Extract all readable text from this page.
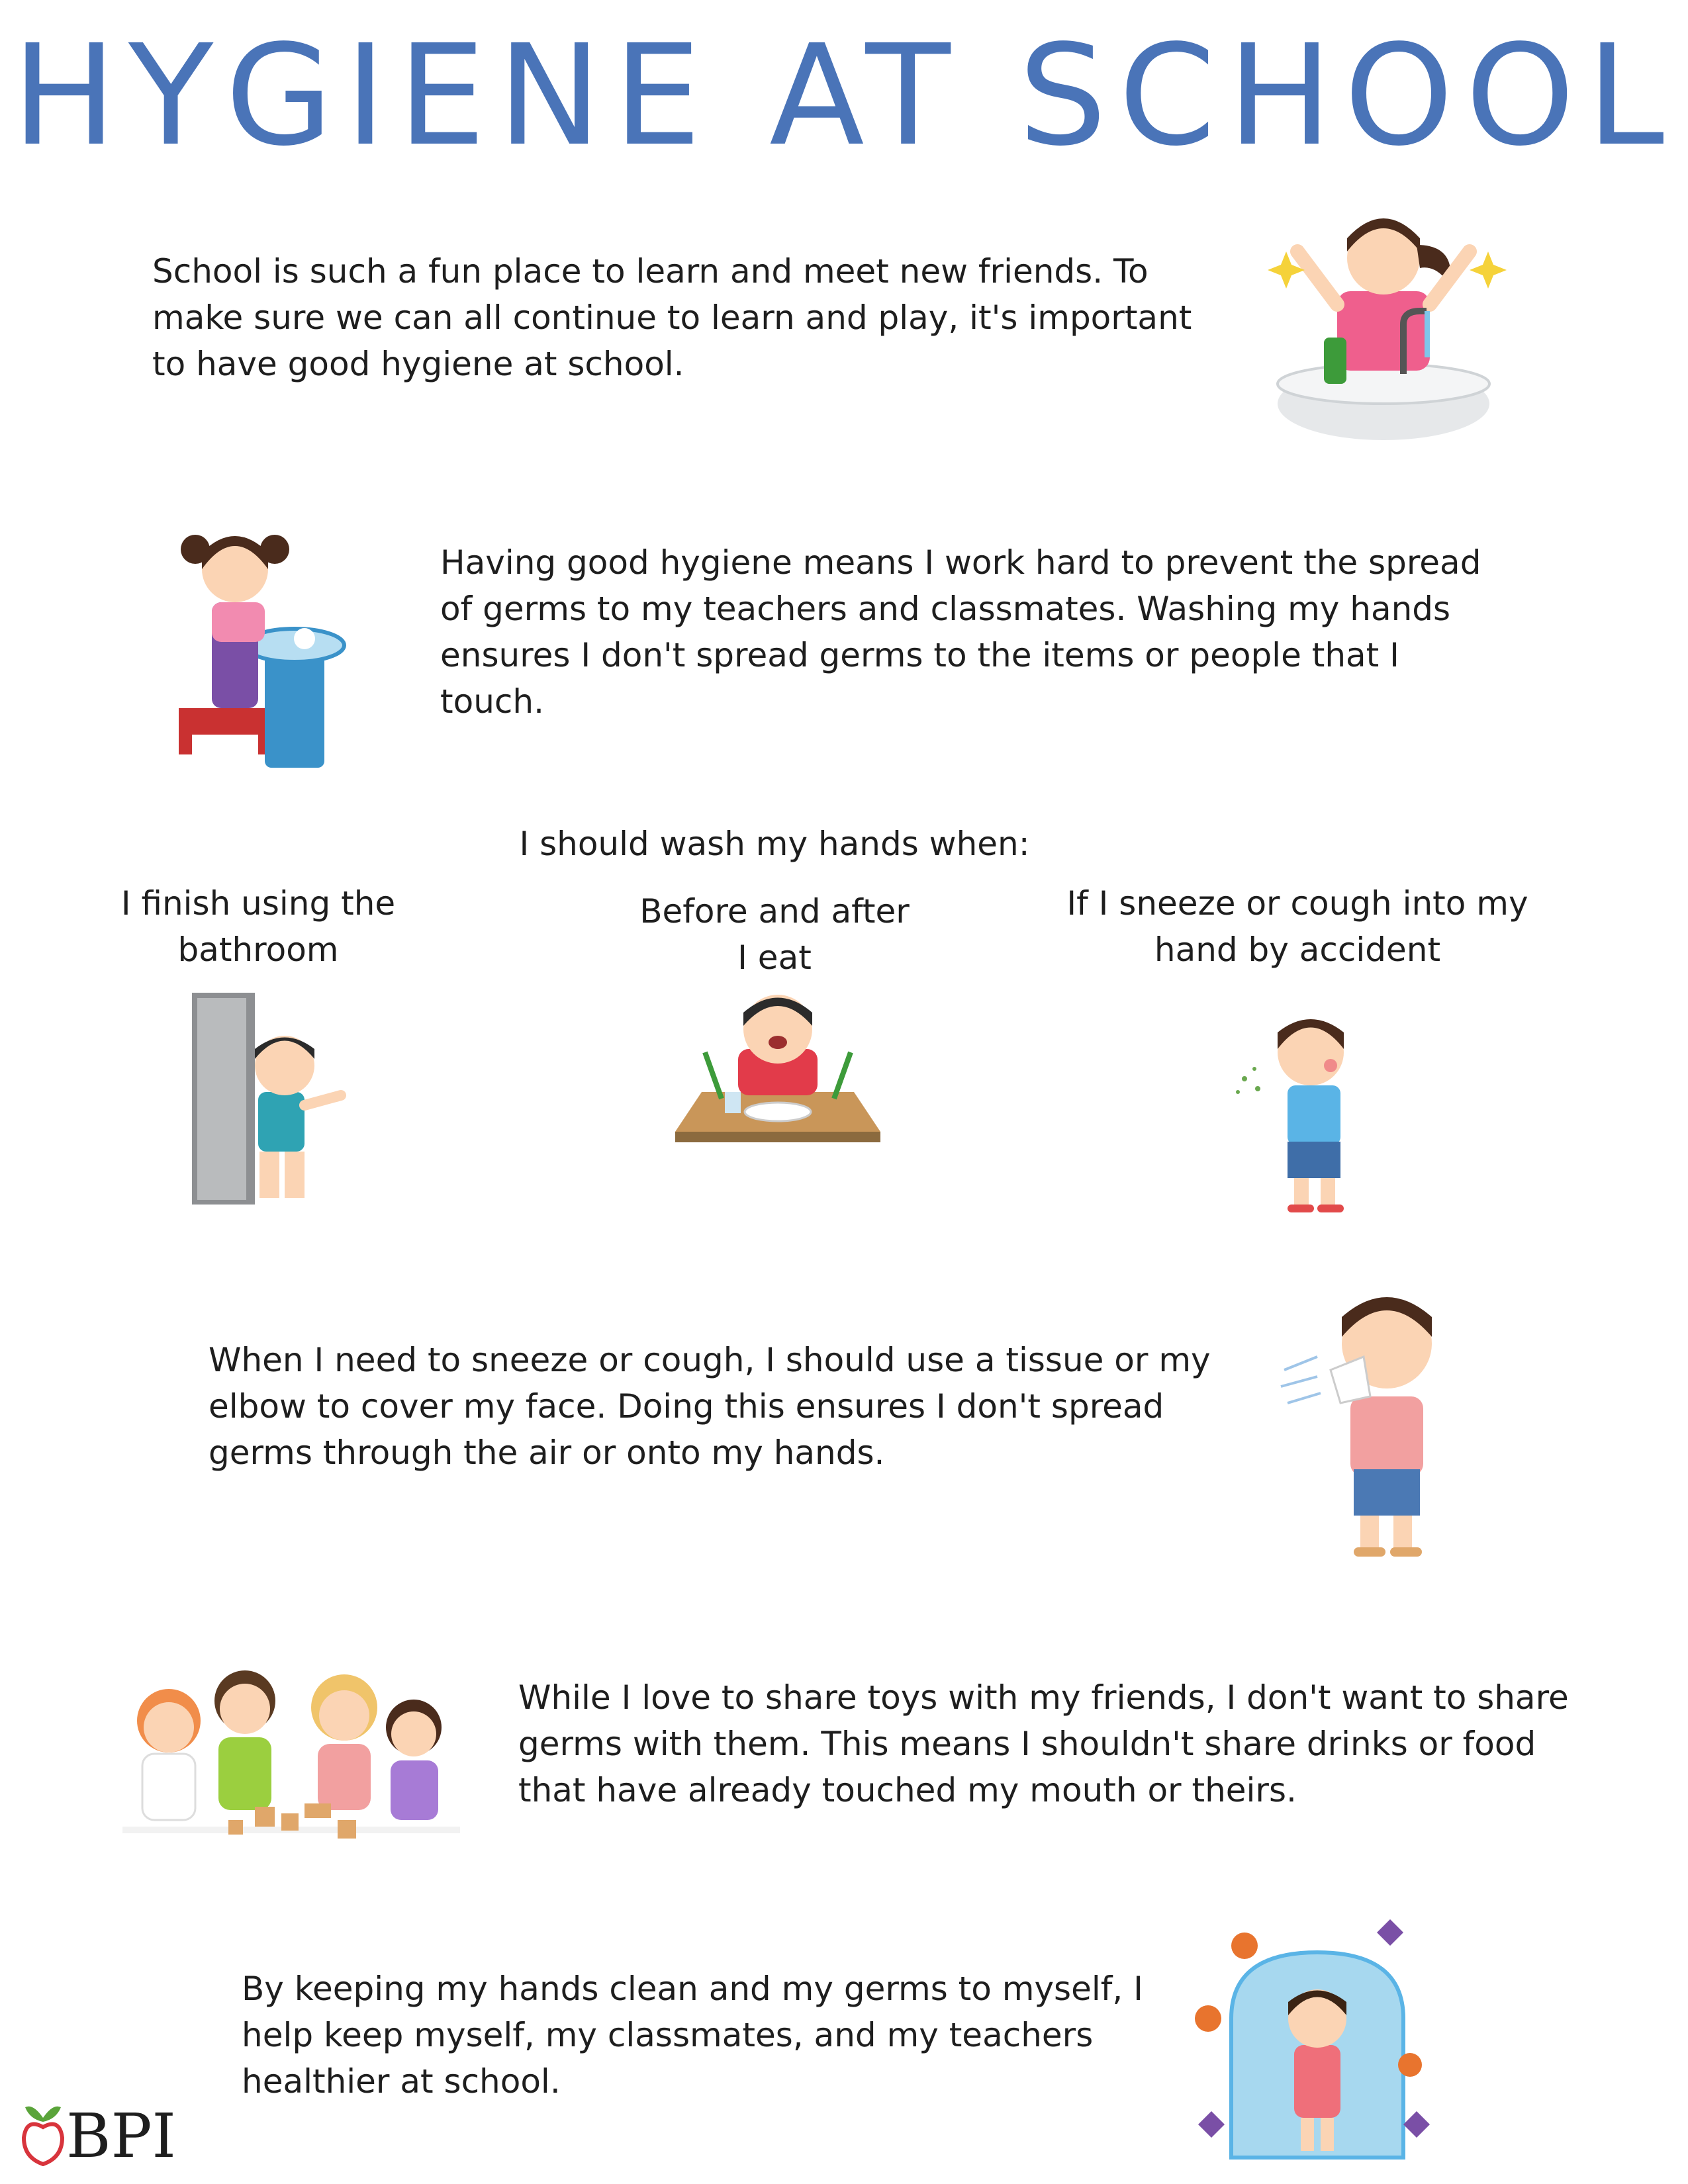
HYGIENE AT SCHOOL

School is such a fun place to learn and meet new friends. To
make sure we can all continue to learn and play, it's important
to have good hygiene at school.

Having good hygiene means I work hard to prevent the spread
of germs to my teachers and classmates. Washing my hands
ensures I don't spread germs to the items or people that I
touch.

I should wash my hands when:

I finish using the
bathroom

Before and after
I eat

If I sneeze or cough into my
hand by accident

When I need to sneeze or cough, I should use a tissue or my
elbow to cover my face. Doing this ensures I don't spread
germs through the air or onto my hands.

While I love to share toys with my friends, I don't want to share
germs with them. This means I shouldn't share drinks or food
that have already touched my mouth or theirs.

By keeping my hands clean and my germs to myself, I
help keep myself, my classmates, and my teachers
healthier at school.

BPI
